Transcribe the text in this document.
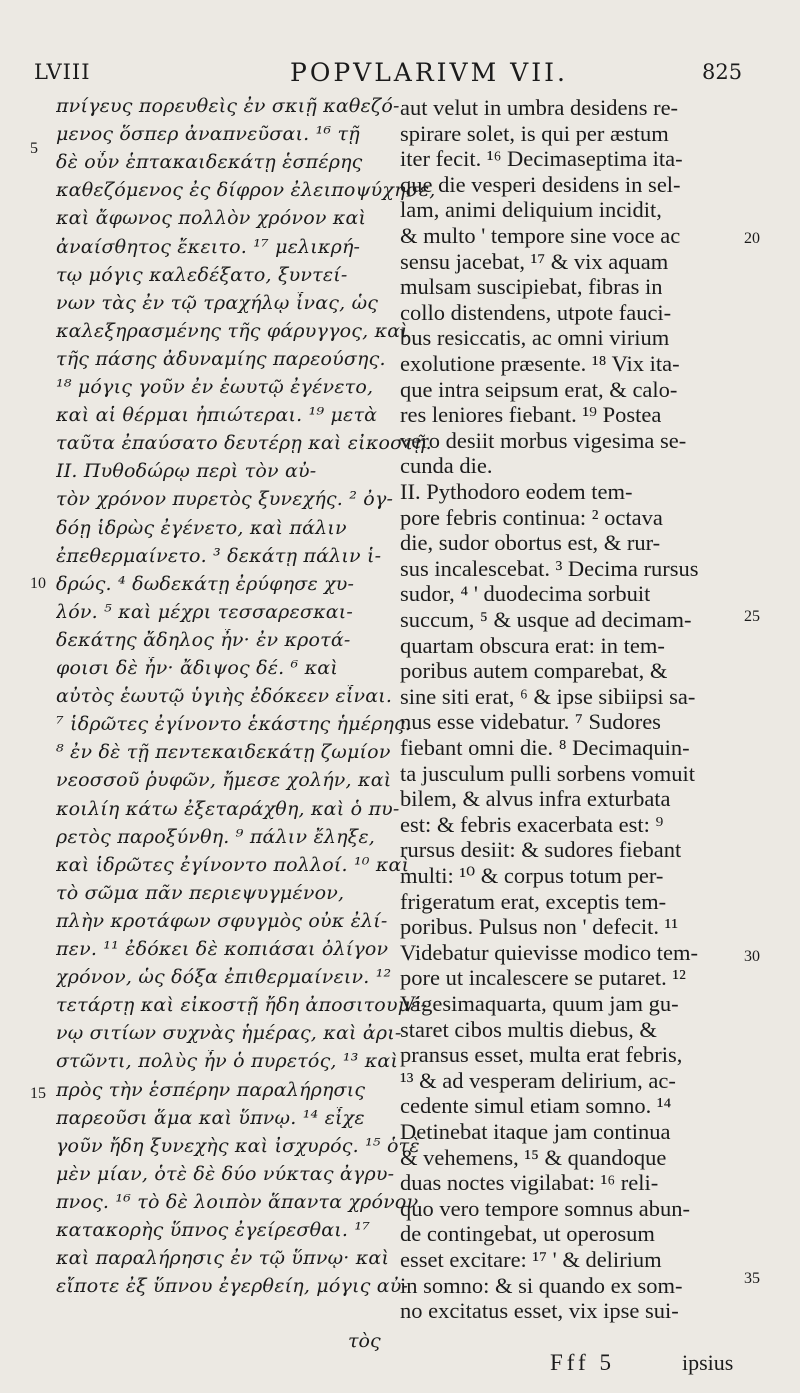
LVIII	POPVLARIVM VII.	825
πνίγευς πορευθεὶς ἐν σκιῇ καθεζό-
μενος ὅσπερ ἀναπνεῦσαι. ¹⁶ τῇ
δὲ οὖν ἑπτακαιδεκάτῃ ἑσπέρης
καθεζόμενος ἐς δίφρον ἐλειποψύχησε,
καὶ ἄφωνος πολλὸν χρόνον καὶ
ἀναίσθητος ἔκειτο. ¹⁷ μελικρή-
τῳ μόγις καλεδέξατο, ξυντεί-
νων τὰς ἐν τῷ τραχήλῳ ἶνας, ὡς
καλεξηρασμένης τῆς φάρυγγος, καὶ
τῆς πάσης ἀδυναμίης παρεούσης.
¹⁸ μόγις γοῦν ἐν ἑωυτῷ ἐγένετο,
καὶ αἱ θέρμαι ἠπιώτεραι. ¹⁹ μετὰ
ταῦτα ἐπαύσατο δευτέρῃ καὶ εἰκοστῇ.
ΙΙ. Πυθοδώρῳ περὶ τὸν αὐ-
τὸν χρόνον πυρετὸς ξυνεχής. ² ὀγ-
δόῃ ἱδρὼς ἐγένετο, καὶ πάλιν
ἐπεθερμαίνετο. ³ δεκάτῃ πάλιν ἱ-
δρώς. ⁴ δωδεκάτῃ ἐρύφησε χυ-
λόν. ⁵ καὶ μέχρι τεσσαρεσκαι-
δεκάτης ἄδηλος ἦν· ἐν κροτά-
φοισι δὲ ἦν· ἄδιψος δέ. ⁶ καὶ
αὐτὸς ἑωυτῷ ὑγιὴς ἐδόκεεν εἶναι.
⁷ ἱδρῶτες ἐγίνοντο ἑκάστης ἡμέρης.
⁸ ἐν δὲ τῇ πεντεκαιδεκάτῃ ζωμίον
νεοσσοῦ ῥυφῶν, ἤμεσε χολήν, καὶ
κοιλίη κάτω ἐξεταράχθη, καὶ ὁ πυ-
ρετὸς παροξύνθη. ⁹ πάλιν ἔληξε,
καὶ ἱδρῶτες ἐγίνοντο πολλοί. ¹⁰ καὶ
τὸ σῶμα πᾶν περιεψυγμένον,
πλὴν κροτάφων σφυγμὸς οὐκ ἐλί-
πεν. ¹¹ ἐδόκει δὲ κοπιάσαι ὀλίγον
χρόνον, ὡς δόξα ἐπιθερμαίνειν. ¹²
τετάρτῃ καὶ εἰκοστῇ ἤδη ἀποσιτουμέ-
νῳ σιτίων συχνὰς ἡμέρας, καὶ ἀρι-
στῶντι, πολὺς ἦν ὁ πυρετός, ¹³ καὶ
πρὸς τὴν ἑσπέρην παραλήρησις
παρεοῦσι ἅμα καὶ ὕπνῳ. ¹⁴ εἶχε
γοῦν ἤδη ξυνεχὴς καὶ ἰσχυρός. ¹⁵ ὁτὲ
μὲν μίαν, ὁτὲ δὲ δύο νύκτας ἀγρυ-
πνος. ¹⁶ τὸ δὲ λοιπὸν ἅπαντα χρόνον
κατακορὴς ὕπνος ἐγείρεσθαι. ¹⁷
καὶ παραλήρησις ἐν τῷ ὕπνῳ· καὶ
εἴποτε ἐξ ὕπνου ἐγερθείη, μόγις αὐ-
aut velut in umbra desidens re-
spirare solet, is qui per æstum
iter fecit. ¹⁶ Decimaseptima ita-
que die vesperi desidens in sel-
lam, animi deliquium incidit,
& multo ' tempore sine voce ac
sensu jacebat, ¹⁷ & vix aquam
mulsam suscipiebat, fibras in
collo distendens, utpote fauci-
bus resiccatis, ac omni virium
exolutione præsente. ¹⁸ Vix ita-
que intra seipsum erat, & calo-
res leniores fiebant. ¹⁹ Postea
vero desiit morbus vigesima se-
cunda die.
II. Pythodoro eodem tem-
pore febris continua: ² octava
die, sudor obortus est, & rur-
sus incalescebat. ³ Decima rursus
sudor, ⁴ ' duodecima sorbuit
succum, ⁵ & usque ad decimam-
quartam obscura erat: in tem-
poribus autem comparebat, &
sine siti erat, ⁶ & ipse sibiipsi sa-
nus esse videbatur. ⁷ Sudores
fiebant omni die. ⁸ Decimaquin-
ta jusculum pulli sorbens vomuit
bilem, & alvus infra exturbata
est: & febris exacerbata est: ⁹
rursus desiit: & sudores fiebant
multi: ¹⁰ & corpus totum per-
frigeratum erat, exceptis tem-
poribus. Pulsus non ' defecit. ¹¹
Videbatur quievisse modico tem-
pore ut incalescere se putaret. ¹²
Vigesimaquarta, quum jam gu-
staret cibos multis diebus, &
pransus esset, multa erat febris,
¹³ & ad vesperam delirium, ac-
cedente simul etiam somno. ¹⁴
Detinebat itaque jam continua
& vehemens, ¹⁵ & quandoque
duas noctes vigilabat: ¹⁶ reli-
quo vero tempore somnus abun-
de contingebat, ut operosum
esset excitare: ¹⁷ ' & delirium
in somno: & si quando ex som-
no excitatus esset, vix ipse sui-
5
10
15
20
25
30
35
τὸς
Fff 5	ipsius
